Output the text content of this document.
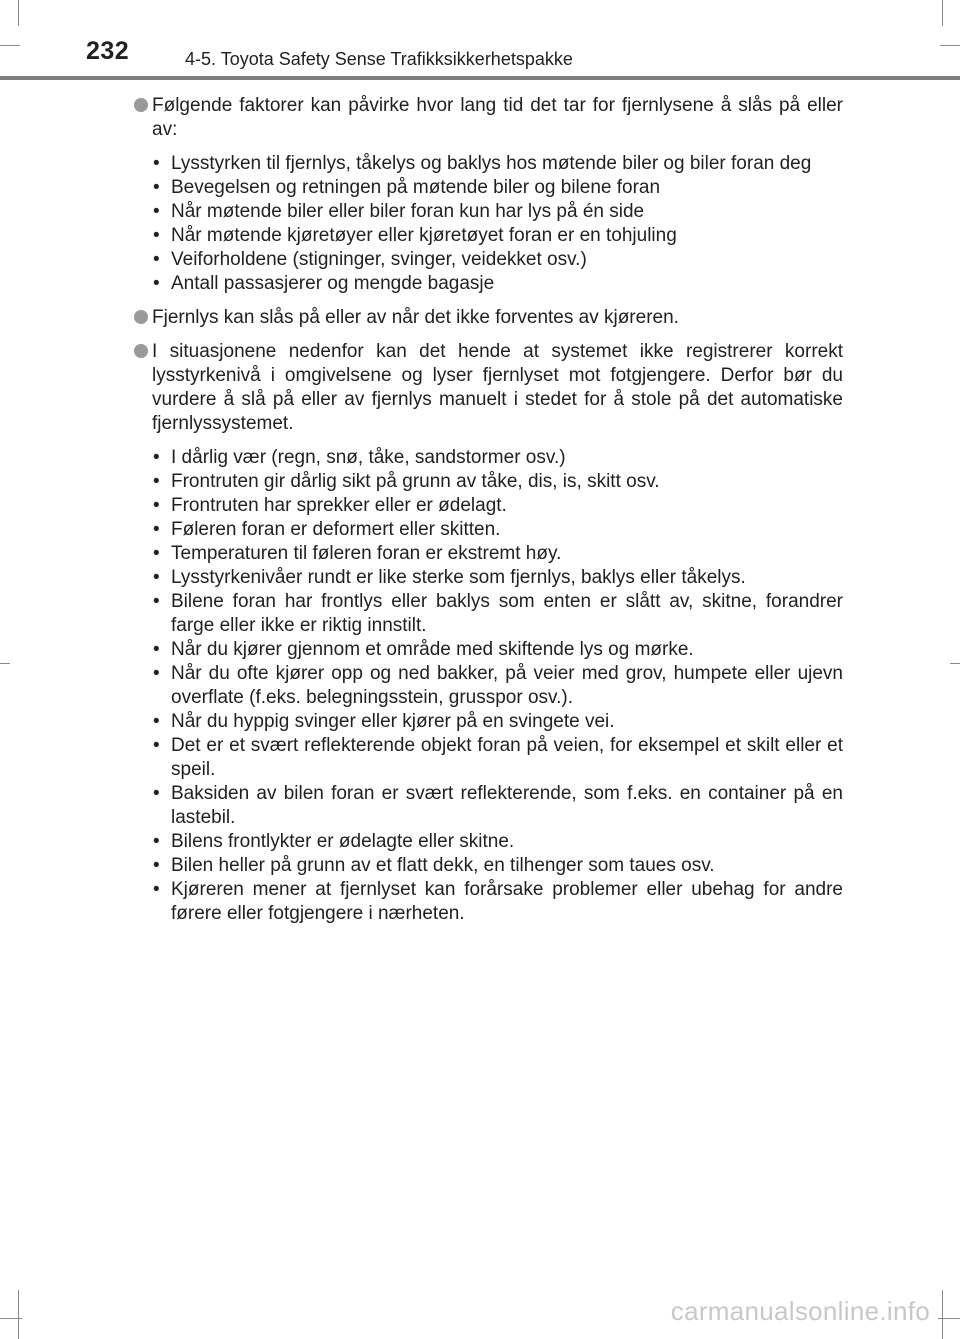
232	4-5. Toyota Safety Sense Trafikksikkerhetspakke
Følgende faktorer kan påvirke hvor lang tid det tar for fjernlysene å slås på eller av:
• Lysstyrken til fjernlys, tåkelys og baklys hos møtende biler og biler foran deg
• Bevegelsen og retningen på møtende biler og bilene foran
• Når møtende biler eller biler foran kun har lys på én side
• Når møtende kjøretøyer eller kjøretøyet foran er en tohjuling
• Veiforholdene (stigninger, svinger, veidekket osv.)
• Antall passasjerer og mengde bagasje
Fjernlys kan slås på eller av når det ikke forventes av kjøreren.
I situasjonene nedenfor kan det hende at systemet ikke registrerer korrekt lysstyrkenivå i omgivelsene og lyser fjernlyset mot fotgjengere. Derfor bør du vurdere å slå på eller av fjernlys manuelt i stedet for å stole på det automatiske fjernlyssystemet.
• I dårlig vær (regn, snø, tåke, sandstormer osv.)
• Frontruten gir dårlig sikt på grunn av tåke, dis, is, skitt osv.
• Frontruten har sprekker eller er ødelagt.
• Føleren foran er deformert eller skitten.
• Temperaturen til føleren foran er ekstremt høy.
• Lysstyrkenivåer rundt er like sterke som fjernlys, baklys eller tåkelys.
• Bilene foran har frontlys eller baklys som enten er slått av, skitne, forandrer farge eller ikke er riktig innstilt.
• Når du kjører gjennom et område med skiftende lys og mørke.
• Når du ofte kjører opp og ned bakker, på veier med grov, humpete eller ujevn overflate (f.eks. belegningsstein, grusspor osv.).
• Når du hyppig svinger eller kjører på en svingete vei.
• Det er et svært reflekterende objekt foran på veien, for eksempel et skilt eller et speil.
• Baksiden av bilen foran er svært reflekterende, som f.eks. en container på en lastebil.
• Bilens frontlykter er ødelagte eller skitne.
• Bilen heller på grunn av et flatt dekk, en tilhenger som taues osv.
• Kjøreren mener at fjernlyset kan forårsake problemer eller ubehag for andre førere eller fotgjengere i nærheten.
carmanualsonline.info
